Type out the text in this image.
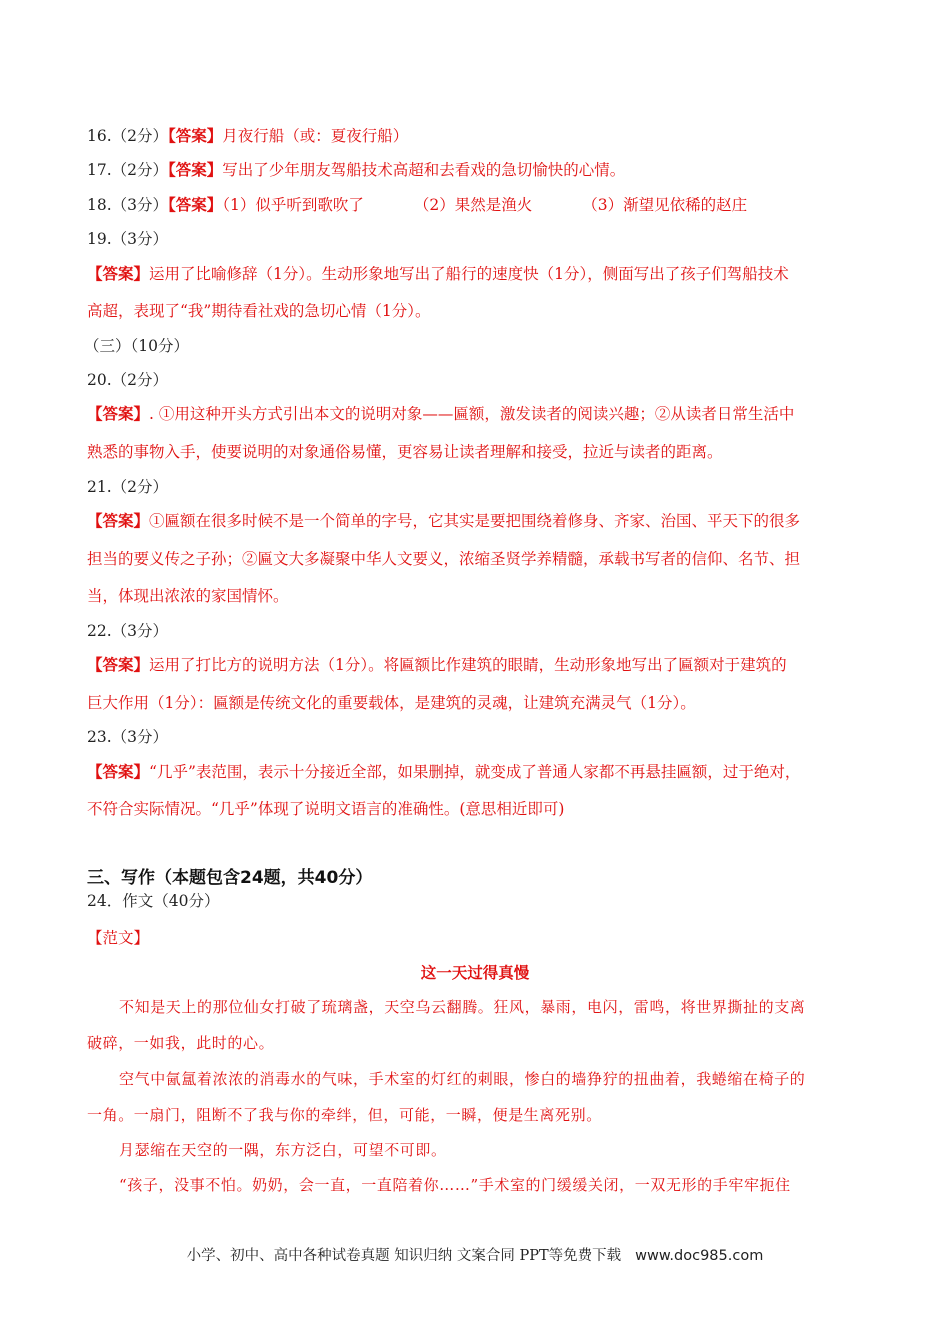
16.（2分）【答案】月夜行船（或：夏夜行船）
17.（2分）【答案】写出了少年朋友驾船技术高超和去看戏的急切愉快的心情。
18.（3分）【答案】（1）似乎听到歌吹了	（2）果然是渔火	（3）渐望见依稀的赵庄
19.（3分）
【答案】运用了比喻修辞（1分）。生动形象地写出了船行的速度快（1分），侧面写出了孩子们驾船技术
高超，表现了“我”期待看社戏的急切心情（1分）。
（三）（10分）
20.（2分）
【答案】. ①用这种开头方式引出本文的说明对象——匾额，激发读者的阅读兴趣；②从读者日常生活中
熟悉的事物入手，使要说明的对象通俗易懂，更容易让读者理解和接受，拉近与读者的距离。
21.（2分）
【答案】①匾额在很多时候不是一个简单的字号，它其实是要把围绕着修身、齐家、治国、平天下的很多
担当的要义传之子孙；②匾文大多凝聚中华人文要义，浓缩圣贤学养精髓，承载书写者的信仰、名节、担
当，体现出浓浓的家国情怀。
22.（3分）
【答案】运用了打比方的说明方法（1分）。将匾额比作建筑的眼睛，生动形象地写出了匾额对于建筑的
巨大作用（1分）：匾额是传统文化的重要载体，是建筑的灵魂，让建筑充满灵气（1分）。
23.（3分）
【答案】“几乎”表范围，表示十分接近全部，如果删掉，就变成了普通人家都不再悬挂匾额，过于绝对，
不符合实际情况。“几乎”体现了说明文语言的准确性。(意思相近即可)
三、写作（本题包含24题，共40分）
24．作文（40分）
【范文】
这一天过得真慢
不知是天上的那位仙女打破了琉璃盏，天空乌云翻腾。狂风，暴雨，电闪，雷鸣，将世界撕扯的支离
破碎，一如我，此时的心。
空气中氤氲着浓浓的消毒水的气味，手术室的灯红的刺眼，惨白的墙狰狞的扭曲着，我蜷缩在椅子的
一角。一扇门，阻断不了我与你的牵绊，但，可能，一瞬，便是生离死别。
月瑟缩在天空的一隅，东方泛白，可望不可即。
“孩子，没事不怕。奶奶，会一直，一直陪着你……”手术室的门缓缓关闭，一双无形的手牢牢扼住
小学、初中、高中各种试卷真题 知识归纳 文案合同 PPT等免费下载 www.doc985.com
